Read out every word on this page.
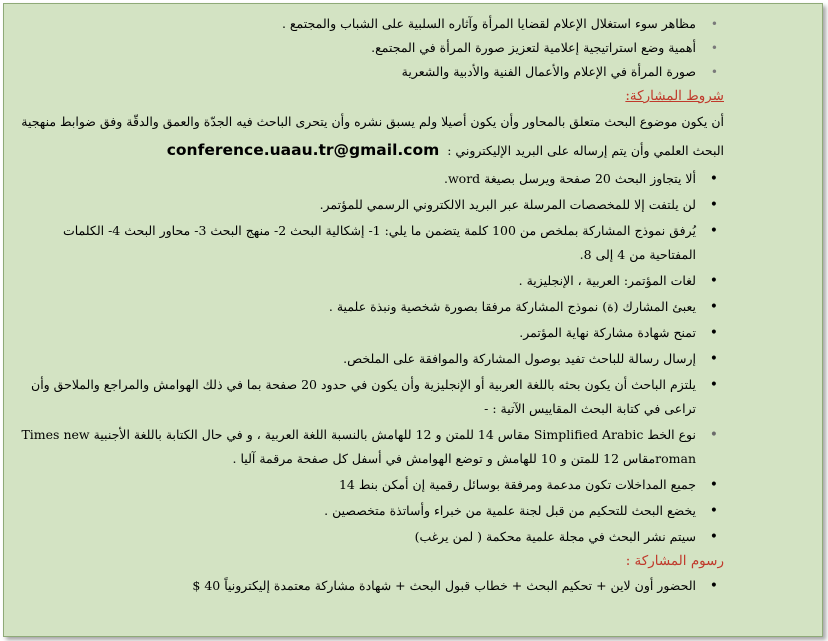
•
مظاهر سوء استغلال الإعلام لقضايا المرأة وآثاره السلبية على الشباب والمجتمع .
•
أهمية وضع استراتيجية إعلامية لتعزيز صورة المرأة في المجتمع.
•
صورة المرأة في الإعلام والأعمال الفنية والأدبية والشعرية
شروط المشاركة:
أن يكون موضوع البحث متعلق بالمحاور وأن يكون أصيلا ولم يسبق نشره وأن يتحرى الباحث فيه الجدّة والعمق والدقّة وفق ضوابط منهجية البحث العلمي وأن يتم إرساله على البريد الإليكتروني : conference.uaau.tr@gmail.com
•
ألا يتجاوز البحث 20 صفحة ويرسل بصيغة word.
•
لن يلتفت إلا للمخصصات المرسلة عبر البريد الالكتروني الرسمي للمؤتمر.
•
يُرفق نموذج المشاركة بملخص من 100 كلمة يتضمن ما يلي: 1- إشكالية البحث 2- منهج البحث 3- محاور البحث 4- الكلمات المفتاحية من 4 إلى 8.
•
لغات المؤتمر: العربية ، الإنجليزية .
•
يعبئ المشارك (ة) نموذج المشاركة مرفقا بصورة شخصية ونبذة علمية .
•
تمنح شهادة مشاركة نهاية المؤتمر.
•
إرسال رسالة للباحث تفيد بوصول المشاركة والموافقة على الملخص.
•
يلتزم الباحث أن يكون بحثه باللغة العربية أو الإنجليزية وأن يكون في حدود 20 صفحة بما في ذلك الهوامش والمراجع والملاحق وأن تراعى في كتابة البحث المقاييس الآتية : -
•
نوع الخط Simplified Arabic مقاس 14 للمتن و 12 للهامش بالنسبة اللغة العربية ، و في حال الكتابة باللغة الأجنبية Times new romanمقاس 12 للمتن و 10 للهامش و توضع الهوامش في أسفل كل صفحة مرقمة آليا .
•
جميع المداخلات تكون مدعمة ومرفقة بوسائل رقمية إن أمكن بنط 14
•
يخضع البحث للتحكيم من قبل لجنة علمية من خبراء وأساتذة متخصصين .
•
سيتم نشر البحث في مجلة علمية محكمة ( لمن يرغب)
رسوم المشاركة :
•
الحضور أون لاين + تحكيم البحث + خطاب قبول البحث + شهادة مشاركة معتمدة إليكترونياً 40 $
